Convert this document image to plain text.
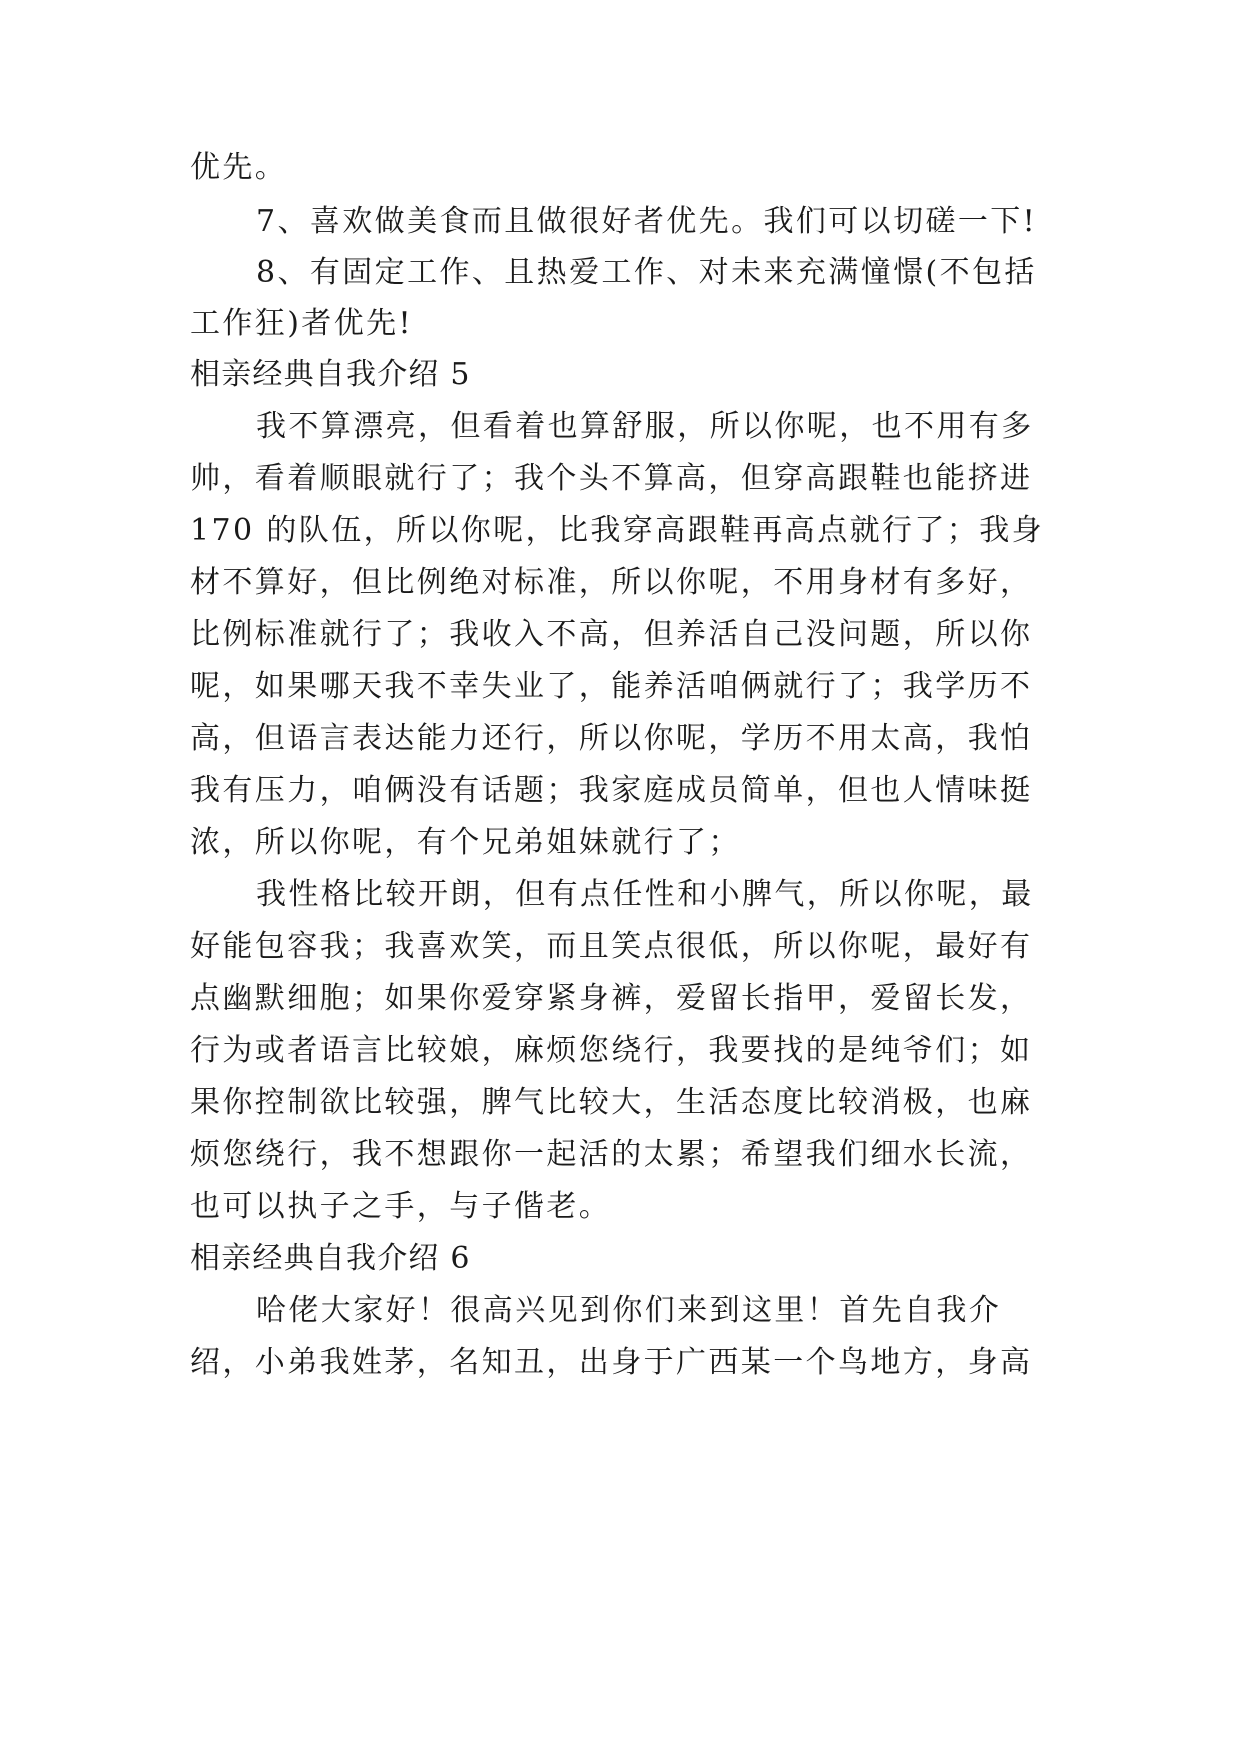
优先。
7、喜欢做美食而且做很好者优先。我们可以切磋一下!
8、有固定工作、且热爱工作、对未来充满憧憬(不包括
工作狂)者优先!
相亲经典自我介绍 5
我不算漂亮，但看着也算舒服，所以你呢，也不用有多
帅，看着顺眼就行了；我个头不算高，但穿高跟鞋也能挤进
170 的队伍，所以你呢，比我穿高跟鞋再高点就行了；我身
材不算好，但比例绝对标准，所以你呢，不用身材有多好，
比例标准就行了；我收入不高，但养活自己没问题，所以你
呢，如果哪天我不幸失业了，能养活咱俩就行了；我学历不
高，但语言表达能力还行，所以你呢，学历不用太高，我怕
我有压力，咱俩没有话题；我家庭成员简单，但也人情味挺
浓，所以你呢，有个兄弟姐妹就行了；
我性格比较开朗，但有点任性和小脾气，所以你呢，最
好能包容我；我喜欢笑，而且笑点很低，所以你呢，最好有
点幽默细胞；如果你爱穿紧身裤，爱留长指甲，爱留长发，
行为或者语言比较娘，麻烦您绕行，我要找的是纯爷们；如
果你控制欲比较强，脾气比较大，生活态度比较消极，也麻
烦您绕行，我不想跟你一起活的太累；希望我们细水长流，
也可以执子之手，与子偕老。
相亲经典自我介绍 6
哈佬大家好！很高兴见到你们来到这里！首先自我介
绍，小弟我姓茅，名知丑，出身于广西某一个鸟地方，身高
